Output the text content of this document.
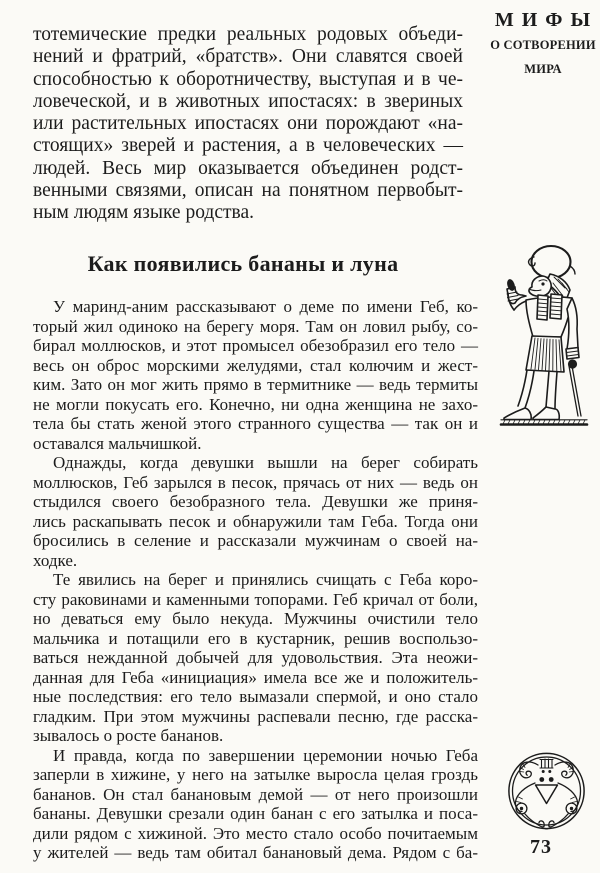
МИФЫ
О СОТВОРЕНИИ
МИРА
тотемические предки реальных родовых объеди-
нений и фратрий, «братств». Они славятся своей
способностью к оборотничеству, выступая и в че-
ловеческой, и в животных ипостасях: в звериных
или растительных ипостасях они порождают «на-
стоящих» зверей и растения, а в человеческих —
людей. Весь мир оказывается объединен родст-
венными связями, описан на понятном первобыт-
ным людям языке родства.
Как появились бананы и луна
У маринд-аним рассказывают о деме по имени Геб, ко-
торый жил одиноко на берегу моря. Там он ловил рыбу, со-
бирал моллюсков, и этот промысел обезобразил его тело —
весь он оброс морскими желудями, стал колючим и жест-
ким. Зато он мог жить прямо в термитнике — ведь термиты
не могли покусать его. Конечно, ни одна женщина не захо-
тела бы стать женой этого странного существа — так он и
оставался мальчишкой.
Однажды, когда девушки вышли на берег собирать
моллюсков, Геб зарылся в песок, прячась от них — ведь он
стыдился своего безобразного тела. Девушки же приня-
лись раскапывать песок и обнаружили там Геба. Тогда они
бросились в селение и рассказали мужчинам о своей на-
ходке.
Те явились на берег и принялись счищать с Геба коро-
сту раковинами и каменными топорами. Геб кричал от боли,
но деваться ему было некуда. Мужчины очистили тело
мальчика и потащили его в кустарник, решив воспользо-
ваться нежданной добычей для удовольствия. Эта неожи-
данная для Геба «инициация» имела все же и положитель-
ные последствия: его тело вымазали спермой, и оно стало
гладким. При этом мужчины распевали песню, где расска-
зывалось о росте бананов.
И правда, когда по завершении церемонии ночью Геба
заперли в хижине, у него на затылке выросла целая гроздь
бананов. Он стал банановым демой — от него произошли
бананы. Девушки срезали один банан с его затылка и поса-
дили рядом с хижиной. Это место стало особо почитаемым
у жителей — ведь там обитал банановый дема. Рядом с ба-	73
